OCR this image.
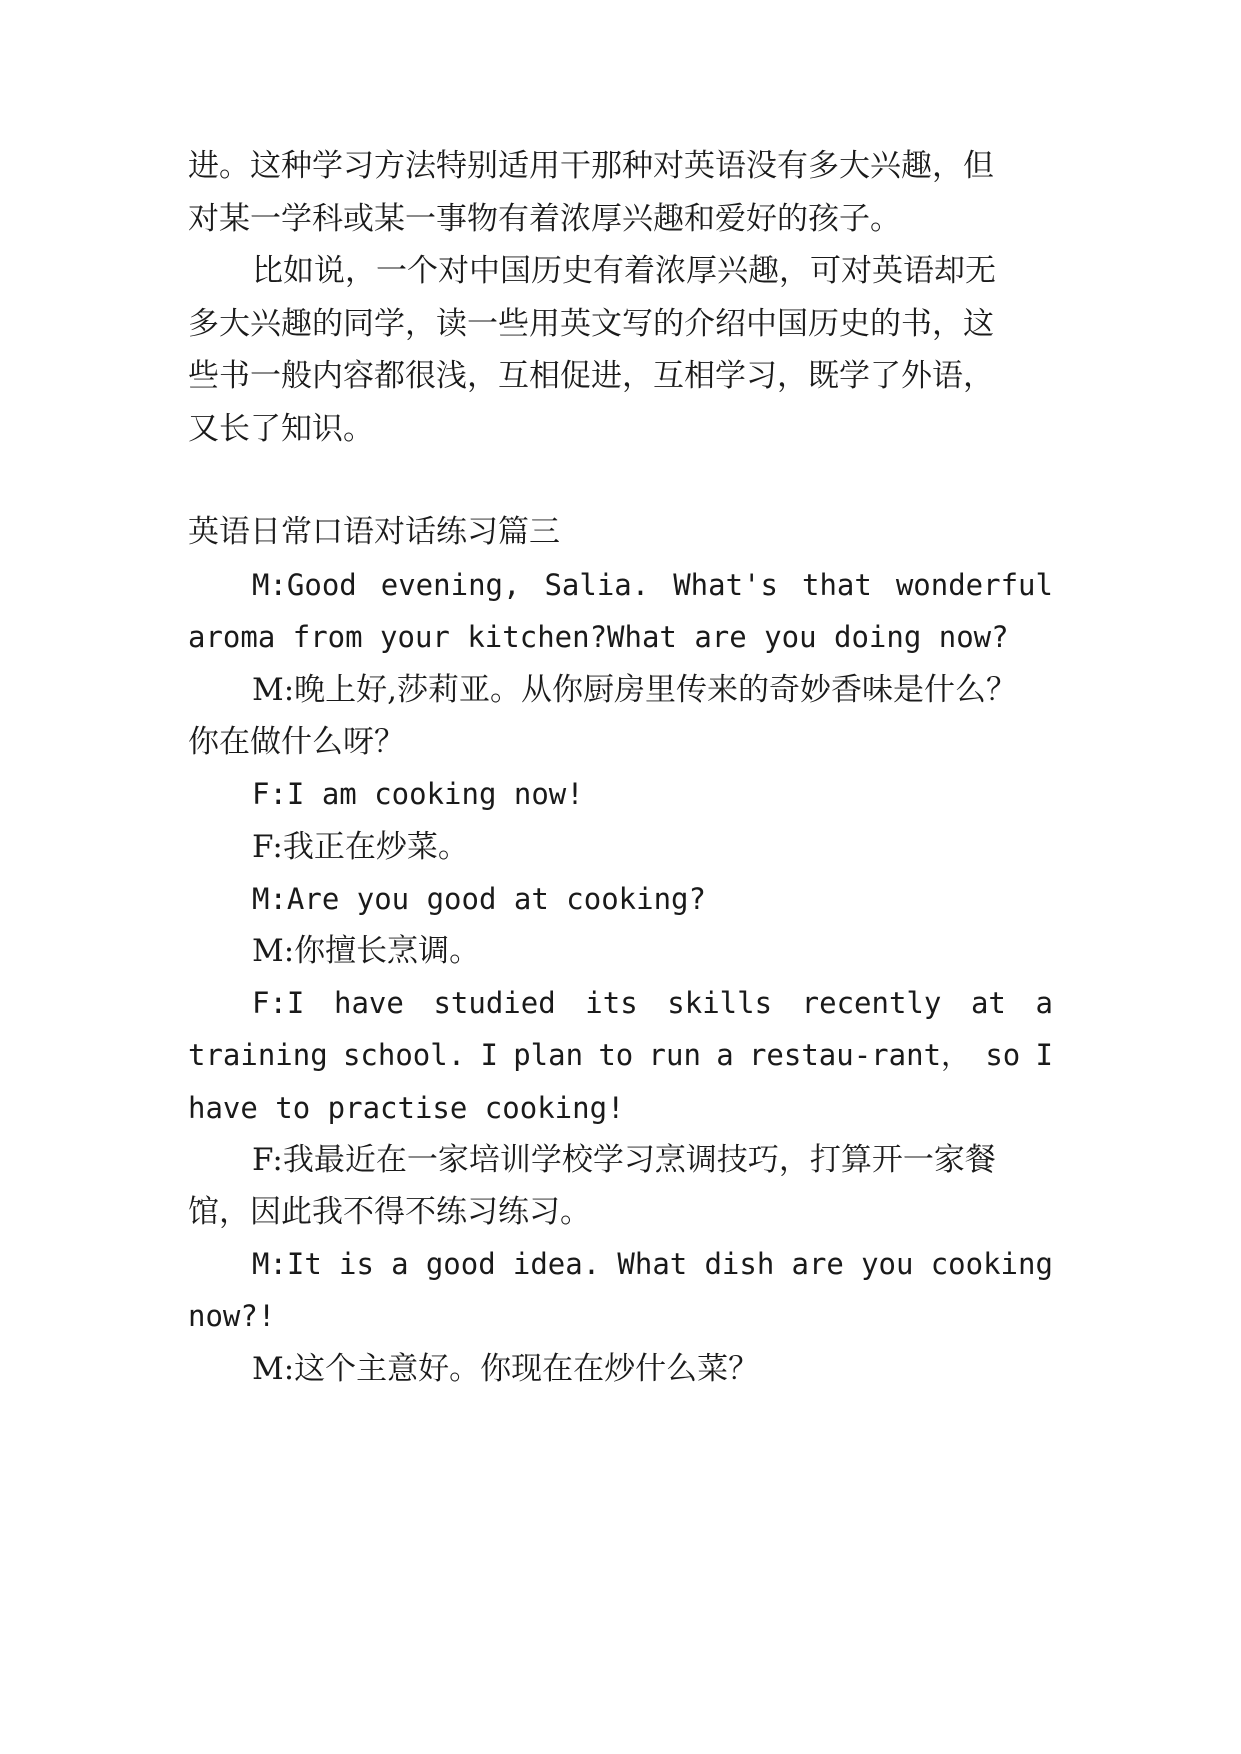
进。这种学习方法特别适用干那种对英语没有多大兴趣，但
对某一学科或某一事物有着浓厚兴趣和爱好的孩子。
比如说，一个对中国历史有着浓厚兴趣，可对英语却无
多大兴趣的同学，读一些用英文写的介绍中国历史的书，这
些书一般内容都很浅，互相促进，互相学习，既学了外语，
又长了知识。
英语日常口语对话练习篇三
M:Good evening, Salia. What's that wonderful
aroma from your kitchen?What are you doing now?
M:晚上好,莎莉亚。从你厨房里传来的奇妙香味是什么？
你在做什么呀？
F:I am cooking now!
F:我正在炒菜。
M:Are you good at cooking?
M:你擅长烹调。
F:I have studied its skills recently at a
training school. I plan to run a restau-rant， so I
have to practise cooking!
F:我最近在一家培训学校学习烹调技巧，打算开一家餐
馆，因此我不得不练习练习。
M:It is a good idea. What dish are you cooking
now?!
M:这个主意好。你现在在炒什么菜？
